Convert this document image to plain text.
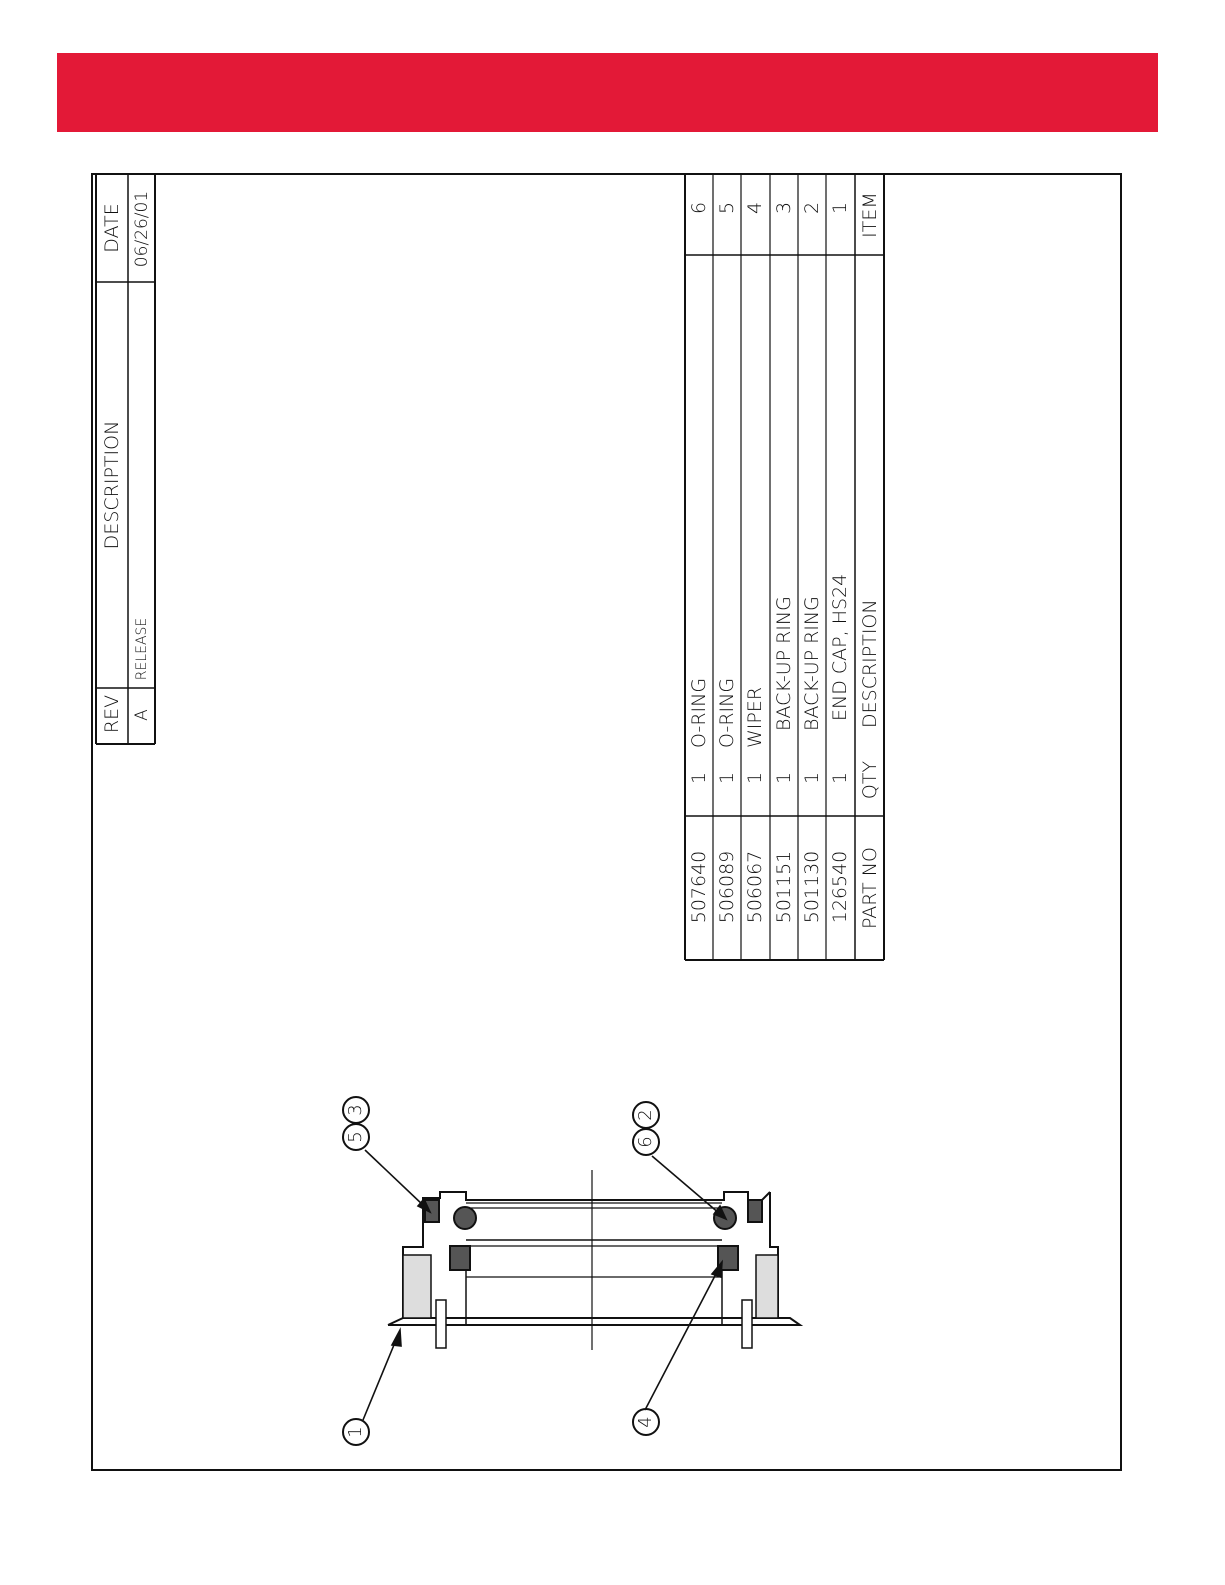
1
5
3
6
2
4
REV
DESCRIPTION
DATE
A
RELEASE
06/26/01
507640
1
O-RING
6
506089
1
O-RING
5
506067
1
WIPER
4
501151
1
BACK-UP RING
3
501130
1
BACK-UP RING
2
126540
1
END CAP, HS24
1
PART NO
QTY
DESCRIPTION
ITEM
